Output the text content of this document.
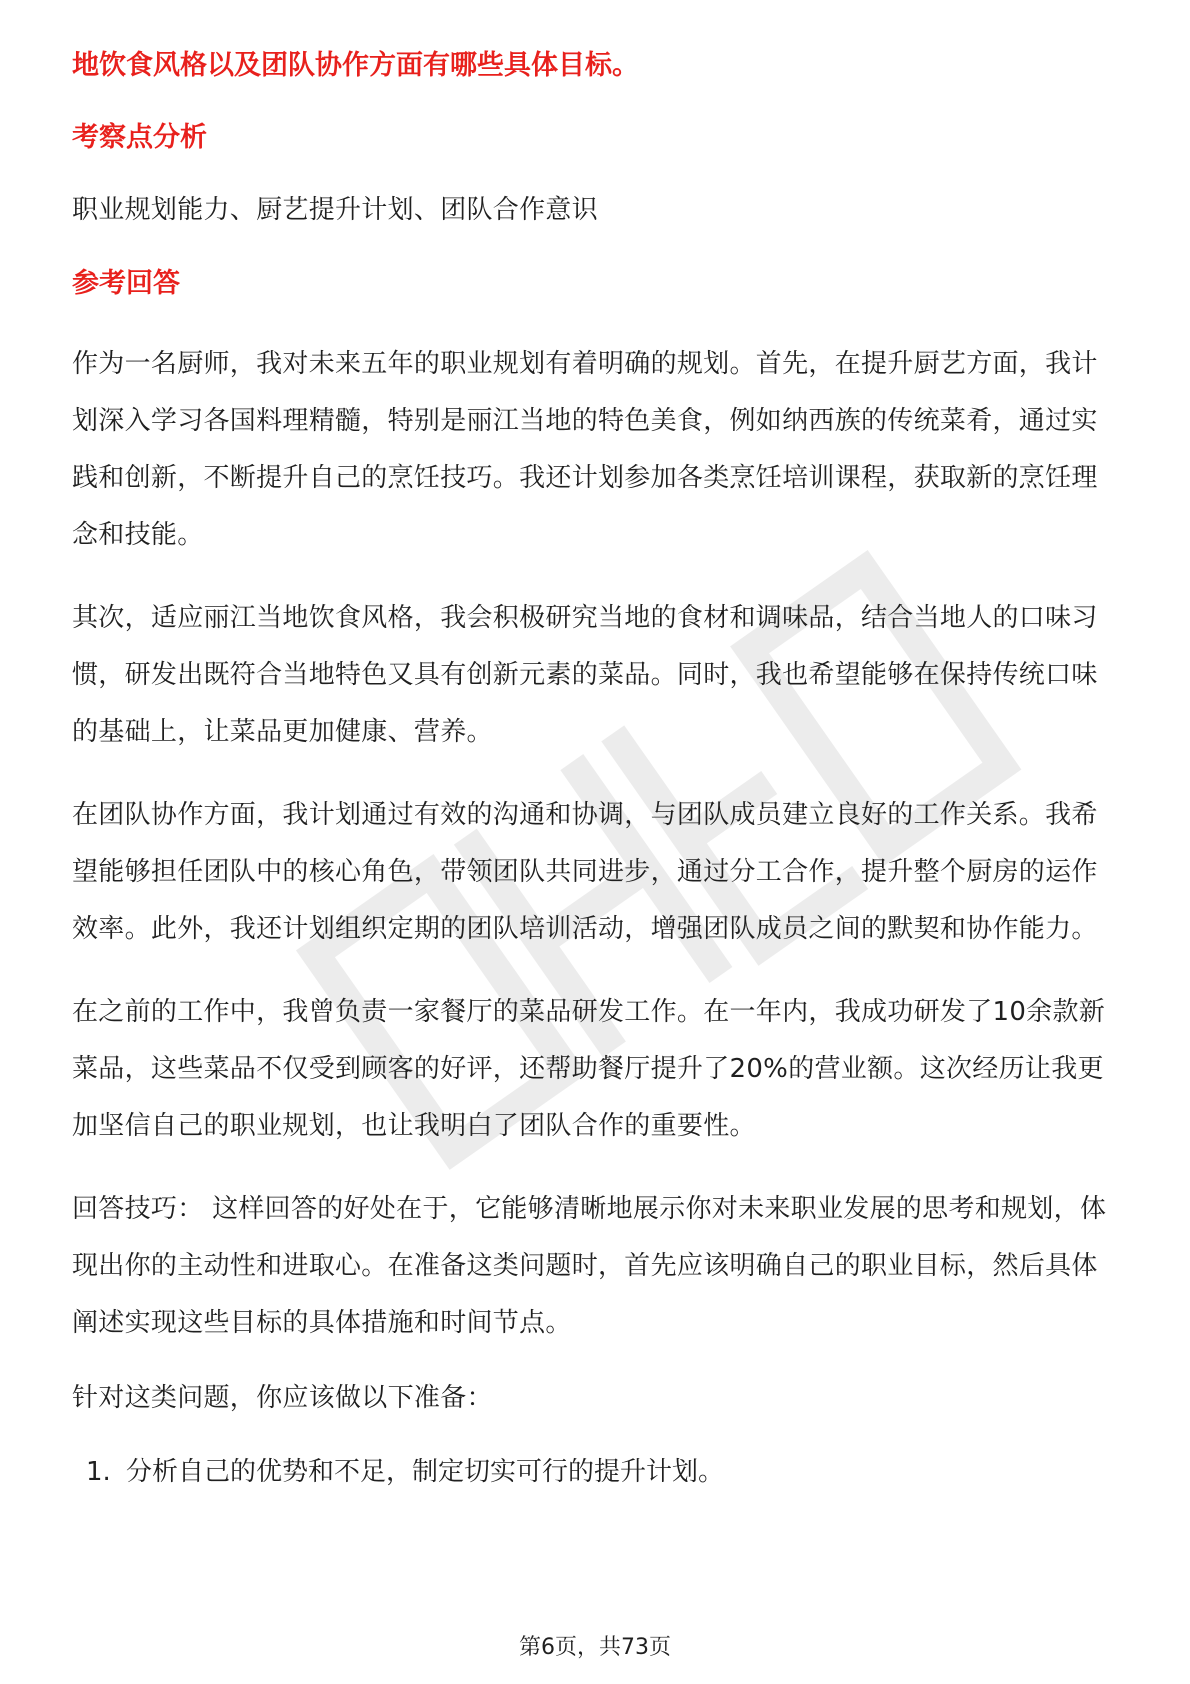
地饮食风格以及团队协作方面有哪些具体目标。

考察点分析

职业规划能力、厨艺提升计划、团队合作意识

参考回答

作为一名厨师，我对未来五年的职业规划有着明确的规划。首先，在提升厨艺方面，我计划深入学习各国料理精髓，特别是丽江当地的特色美食，例如纳西族的传统菜肴，通过实践和创新，不断提升自己的烹饪技巧。我还计划参加各类烹饪培训课程，获取新的烹饪理念和技能。

其次，适应丽江当地饮食风格，我会积极研究当地的食材和调味品，结合当地人的口味习惯，研发出既符合当地特色又具有创新元素的菜品。同时，我也希望能够在保持传统口味的基础上，让菜品更加健康、营养。

在团队协作方面，我计划通过有效的沟通和协调，与团队成员建立良好的工作关系。我希望能够担任团队中的核心角色，带领团队共同进步，通过分工合作，提升整个厨房的运作效率。此外，我还计划组织定期的团队培训活动，增强团队成员之间的默契和协作能力。

在之前的工作中，我曾负责一家餐厅的菜品研发工作。在一年内，我成功研发了10余款新菜品，这些菜品不仅受到顾客的好评，还帮助餐厅提升了20%的营业额。这次经历让我更加坚信自己的职业规划，也让我明白了团队合作的重要性。

回答技巧： 这样回答的好处在于，它能够清晰地展示你对未来职业发展的思考和规划，体现出你的主动性和进取心。在准备这类问题时，首先应该明确自己的职业目标，然后具体阐述实现这些目标的具体措施和时间节点。

针对这类问题，你应该做以下准备：

1. 分析自己的优势和不足，制定切实可行的提升计划。
第6页，共73页
